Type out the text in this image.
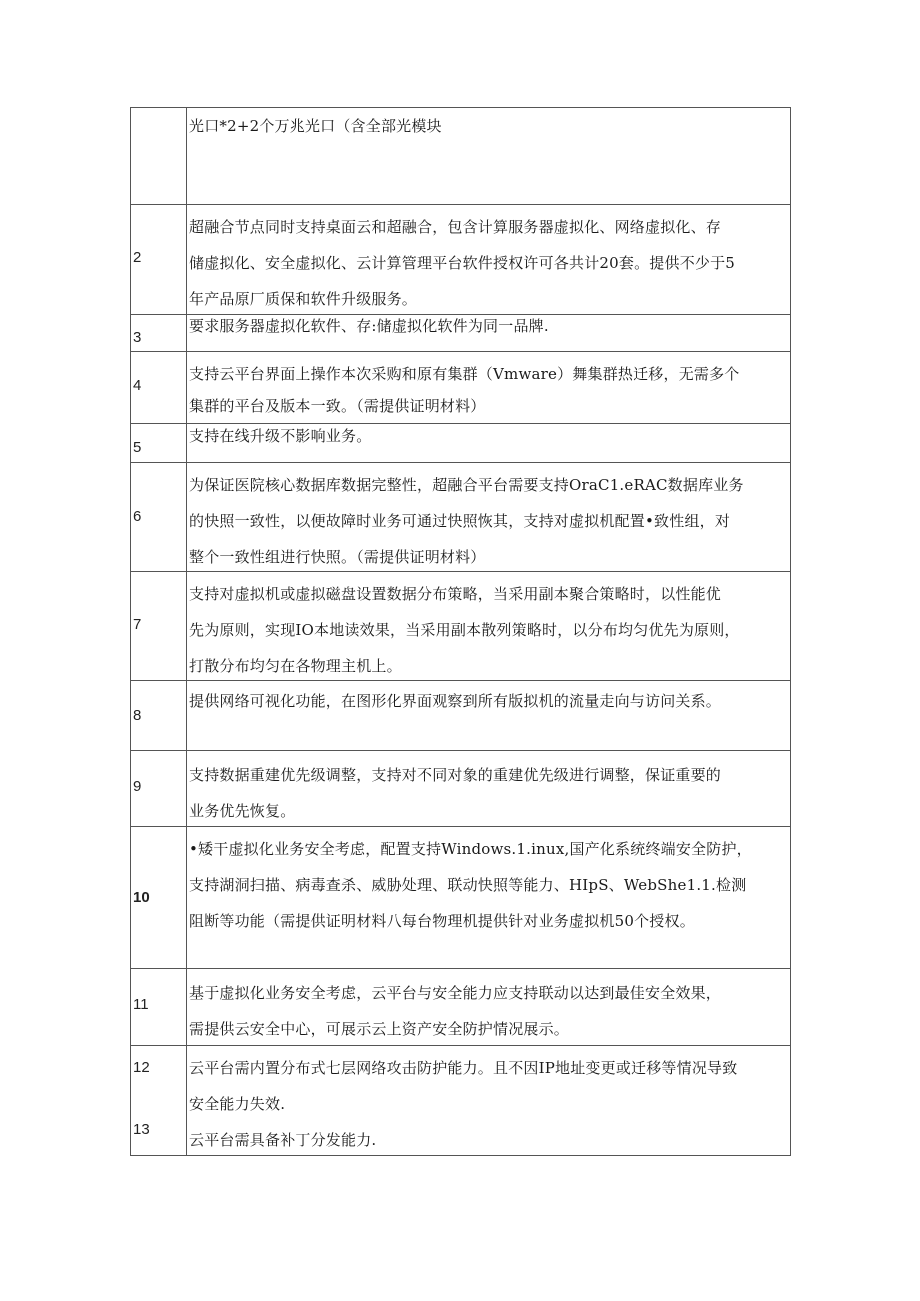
光口*2+2个万兆光口（含全部光模块

2

超融合节点同时支持桌面云和超融合，包含计算服务器虚拟化、网络虚拟化、存

储虚拟化、安全虚拟化、云计算管理平台软件授权许可各共计20套。提供不少于5

年产品原厂质保和软件升级服务。

3

要求服务器虚拟化软件、存:储虚拟化软件为同一品牌.

4

支持云平台界面上操作本次采购和原有集群（Vmware）舞集群热迁移，无需多个

集群的平台及版本一致。（需提供证明材料）

5

支持在线升级不影响业务。

6

为保证医院核心数据库数据完整性，超融合平台需要支持OraC1.eRAC数据库业务

的快照一致性，以便故障时业务可通过快照恢其，支持对虚拟机配置•致性组，对

整个一致性组进行快照。（需提供证明材料）

7

支持对虚拟机或虚拟磁盘设置数据分布策略，当采用副本聚合策略时，以性能优

先为原则，实现IO本地读效果，当采用副本散列策略时，以分布均匀优先为原则，

打散分布均匀在各物理主机上。

8

提供网络可视化功能，在图形化界面观察到所有版拟机的流量走向与访问关系。

9

支持数据重建优先级调整，支持对不同对象的重建优先级进行调整，保证重要的

业务优先恢复。

10

•矮干虚拟化业务安全考虑，配置支持Windows.1.inux,国产化系统终端安全防护，

支持湖洞扫描、病毒查杀、威胁处理、联动快照等能力、HIpS、WebShe1.1.检测

阻断等功能（需提供证明材料八每台物理机提供针对业务虚拟机50个授权。

11

基于虚拟化业务安全考虑，云平台与安全能力应支持联动以达到最佳安全效果，

需提供云安全中心，可展示云上资产安全防护情况展示。

12
13

云平台需内置分布式七层网络攻击防护能力。且不因IP地址变更或迁移等情况导致

安全能力失效.

云平台需具备补丁分发能力.
